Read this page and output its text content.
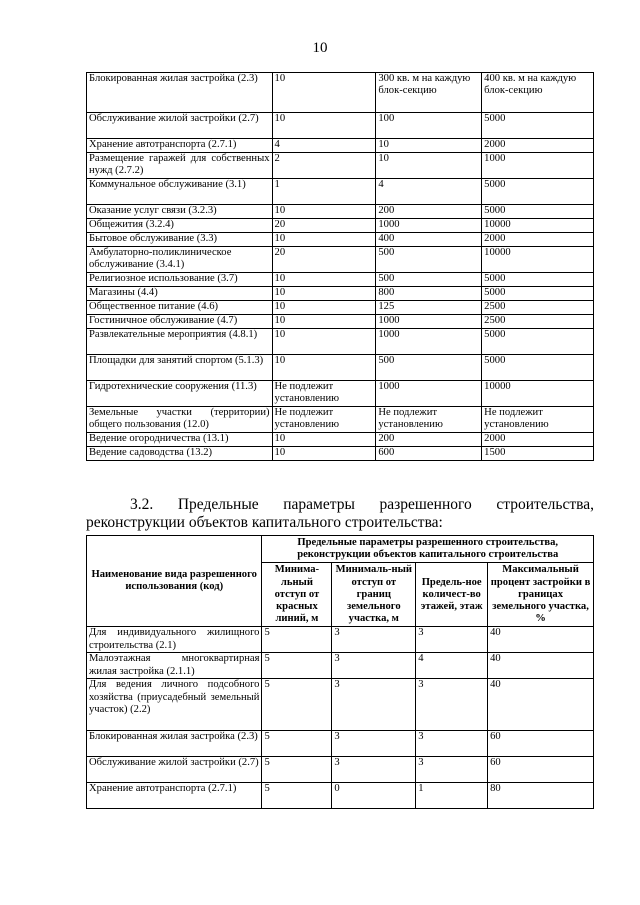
10
Блокированная жилая застройка (2.3)	10	300 кв. м на каждую блок-секцию	400 кв. м на каждую блок-секцию
Обслуживание жилой застройки (2.7)	10	100	5000
Хранение автотранспорта (2.7.1)	4	10	2000
Размещение гаражей для собственных нужд (2.7.2)	2	10	1000
Коммунальное обслуживание (3.1)	1	4	5000
Оказание услуг связи (3.2.3)	10	200	5000
Общежития (3.2.4)	20	1000	10000
Бытовое обслуживание (3.3)	10	400	2000
Амбулаторно-поликлиническое обслуживание (3.4.1)	20	500	10000
Религиозное использование (3.7)	10	500	5000
Магазины (4.4)	10	800	5000
Общественное питание (4.6)	10	125	2500
Гостиничное обслуживание (4.7)	10	1000	2500
Развлекательные мероприятия (4.8.1)	10	1000	5000
Площадки для занятий спортом (5.1.3)	10	500	5000
Гидротехнические сооружения (11.3)	Не подлежит установлению	1000	10000
Земельные участки (территории) общего пользования (12.0)	Не подлежит установлению	Не подлежит установлению	Не подлежит установлению
Ведение огородничества (13.1)	10	200	2000
Ведение садоводства (13.2)	10	600	1500
3.2. Предельные параметры разрешенного строительства,
реконструкции объектов капитального строительства:
Наименование вида разрешенного использования (код)	Предельные параметры разрешенного строительства, реконструкции объектов капитального строительства			
	Минима-льный отступ от красных линий, м	Минималь-ный отступ от границ земельного участка, м	Предель-ное количест-во этажей, этаж	Максимальный процент застройки в границах земельного участка, %
Для индивидуального жилищного строительства (2.1)	5	3	3	40
Малоэтажная многоквартирная жилая застройка (2.1.1)	5	3	4	40
Для ведения личного подсобного хозяйства (приусадебный земельный участок) (2.2)	5	3	3	40
Блокированная жилая застройка (2.3)	5	3	3	60
Обслуживание жилой застройки (2.7)	5	3	3	60
Хранение автотранспорта (2.7.1)	5	0	1	80
